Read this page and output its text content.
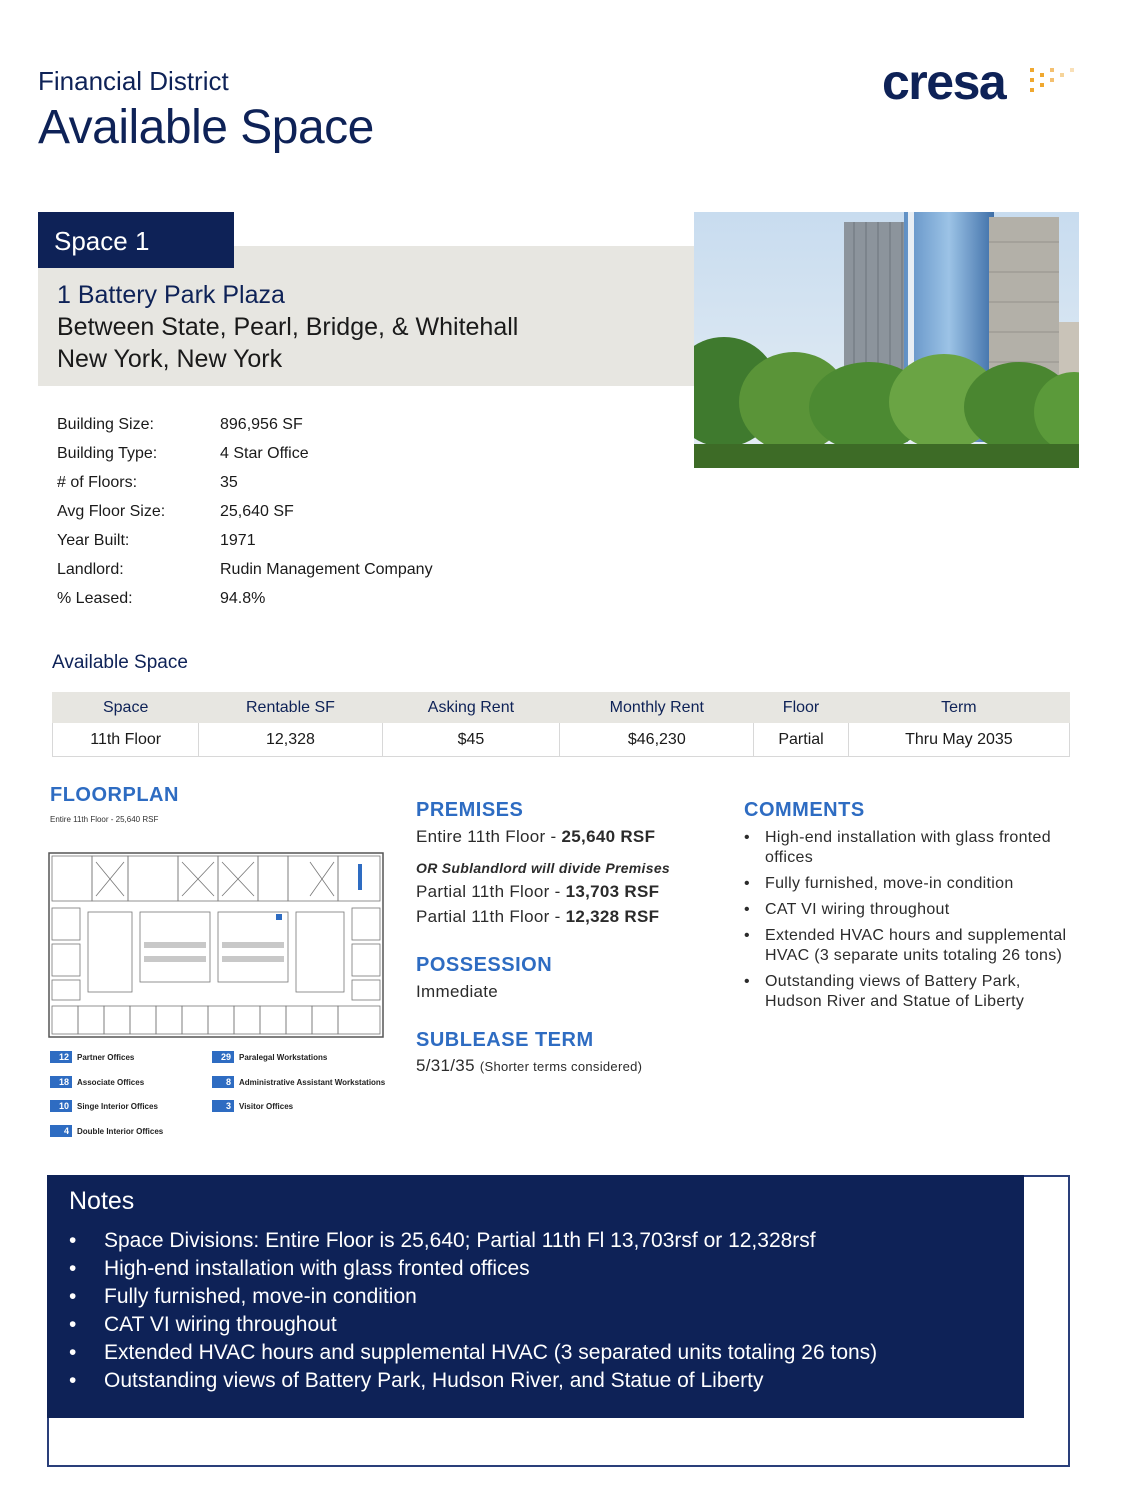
Financial District
Available Space
cresa
Space 1
1 Battery Park Plaza
Between State, Pearl, Bridge, & Whitehall
New York, New York
Building Size:	896,956 SF
Building Type:	4 Star Office
# of Floors:	35
Avg Floor Size:	25,640 SF
Year Built:	1971
Landlord:	Rudin Management Company
% Leased:	94.8%
Available Space
Space	Rentable SF	Asking Rent	Monthly Rent	Floor	Term
11th Floor	12,328	$45	$46,230	Partial	Thru May 2035
FLOORPLAN
Entire 11th Floor - 25,640 RSF
12	Partner Offices
18	Associate Offices
10	Singe Interior Offices
4	Double Interior Offices
29	Paralegal Workstations
8	Administrative Assistant Workstations
3	Visitor Offices
PREMISES
Entire 11th Floor - 25,640 RSF
OR Sublandlord will divide Premises
Partial 11th Floor - 13,703 RSF
Partial 11th Floor - 12,328 RSF
POSSESSION
Immediate
SUBLEASE TERM
5/31/35 (Shorter terms considered)
COMMENTS
• High-end installation with glass fronted offices
• Fully furnished, move-in condition
• CAT VI wiring throughout
• Extended HVAC hours and supplemental HVAC (3 separate units totaling 26 tons)
• Outstanding views of Battery Park, Hudson River and Statue of Liberty
Notes
• Space Divisions: Entire Floor is 25,640; Partial 11th Fl 13,703rsf or 12,328rsf
• High-end installation with glass fronted offices
• Fully furnished, move-in condition
• CAT VI wiring throughout
• Extended HVAC hours and supplemental HVAC (3 separated units totaling 26 tons)
• Outstanding views of Battery Park, Hudson River, and Statue of Liberty
